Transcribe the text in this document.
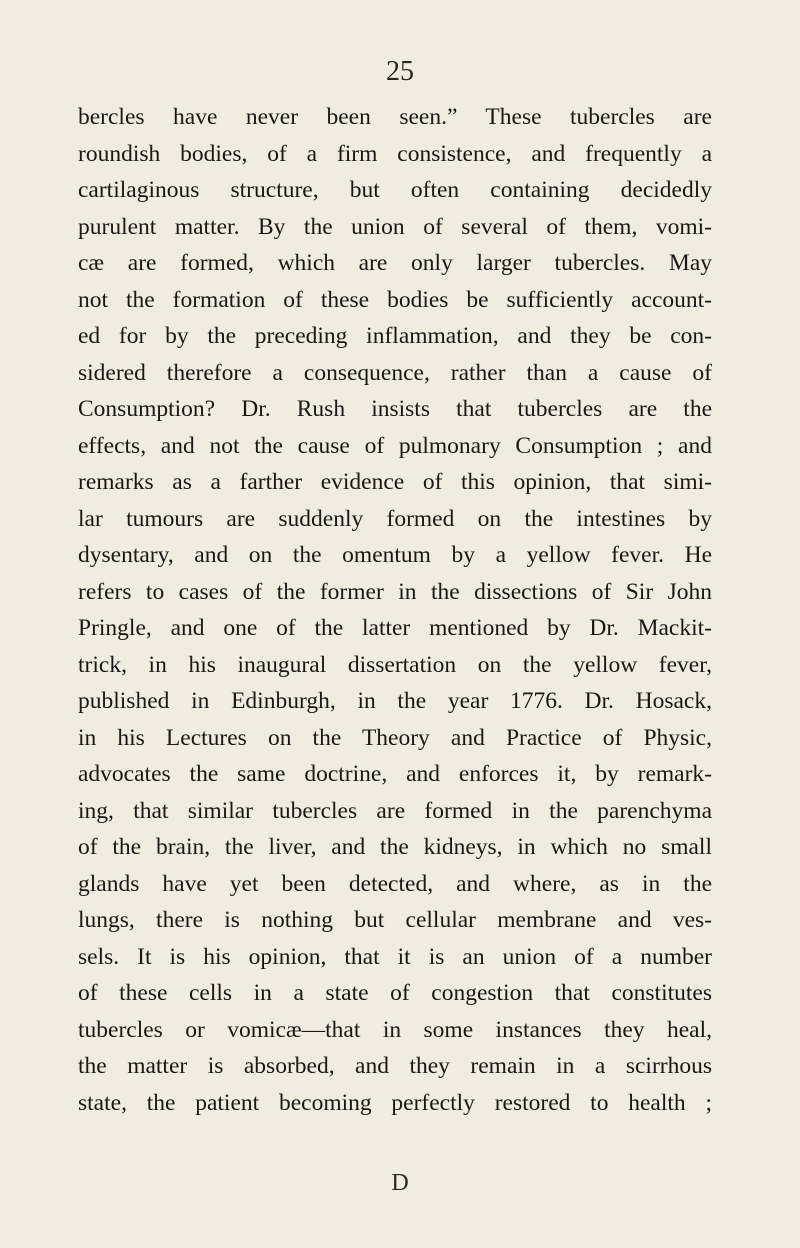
25
bercles have never been seen.” These tubercles are
roundish bodies, of a firm consistence, and frequently a
cartilaginous structure, but often containing decidedly
purulent matter. By the union of several of them, vomi-
cæ are formed, which are only larger tubercles. May
not the formation of these bodies be sufficiently account-
ed for by the preceding inflammation, and they be con-
sidered therefore a consequence, rather than a cause of
Consumption? Dr. Rush insists that tubercles are the
effects, and not the cause of pulmonary Consumption ; and
remarks as a farther evidence of this opinion, that simi-
lar tumours are suddenly formed on the intestines by
dysentary, and on the omentum by a yellow fever. He
refers to cases of the former in the dissections of Sir John
Pringle, and one of the latter mentioned by Dr. Mackit-
trick, in his inaugural dissertation on the yellow fever,
published in Edinburgh, in the year 1776. Dr. Hosack,
in his Lectures on the Theory and Practice of Physic,
advocates the same doctrine, and enforces it, by remark-
ing, that similar tubercles are formed in the parenchyma
of the brain, the liver, and the kidneys, in which no small
glands have yet been detected, and where, as in the
lungs, there is nothing but cellular membrane and ves-
sels. It is his opinion, that it is an union of a number
of these cells in a state of congestion that constitutes
tubercles or vomicæ—that in some instances they heal,
the matter is absorbed, and they remain in a scirrhous
state, the patient becoming perfectly restored to health ;
D
